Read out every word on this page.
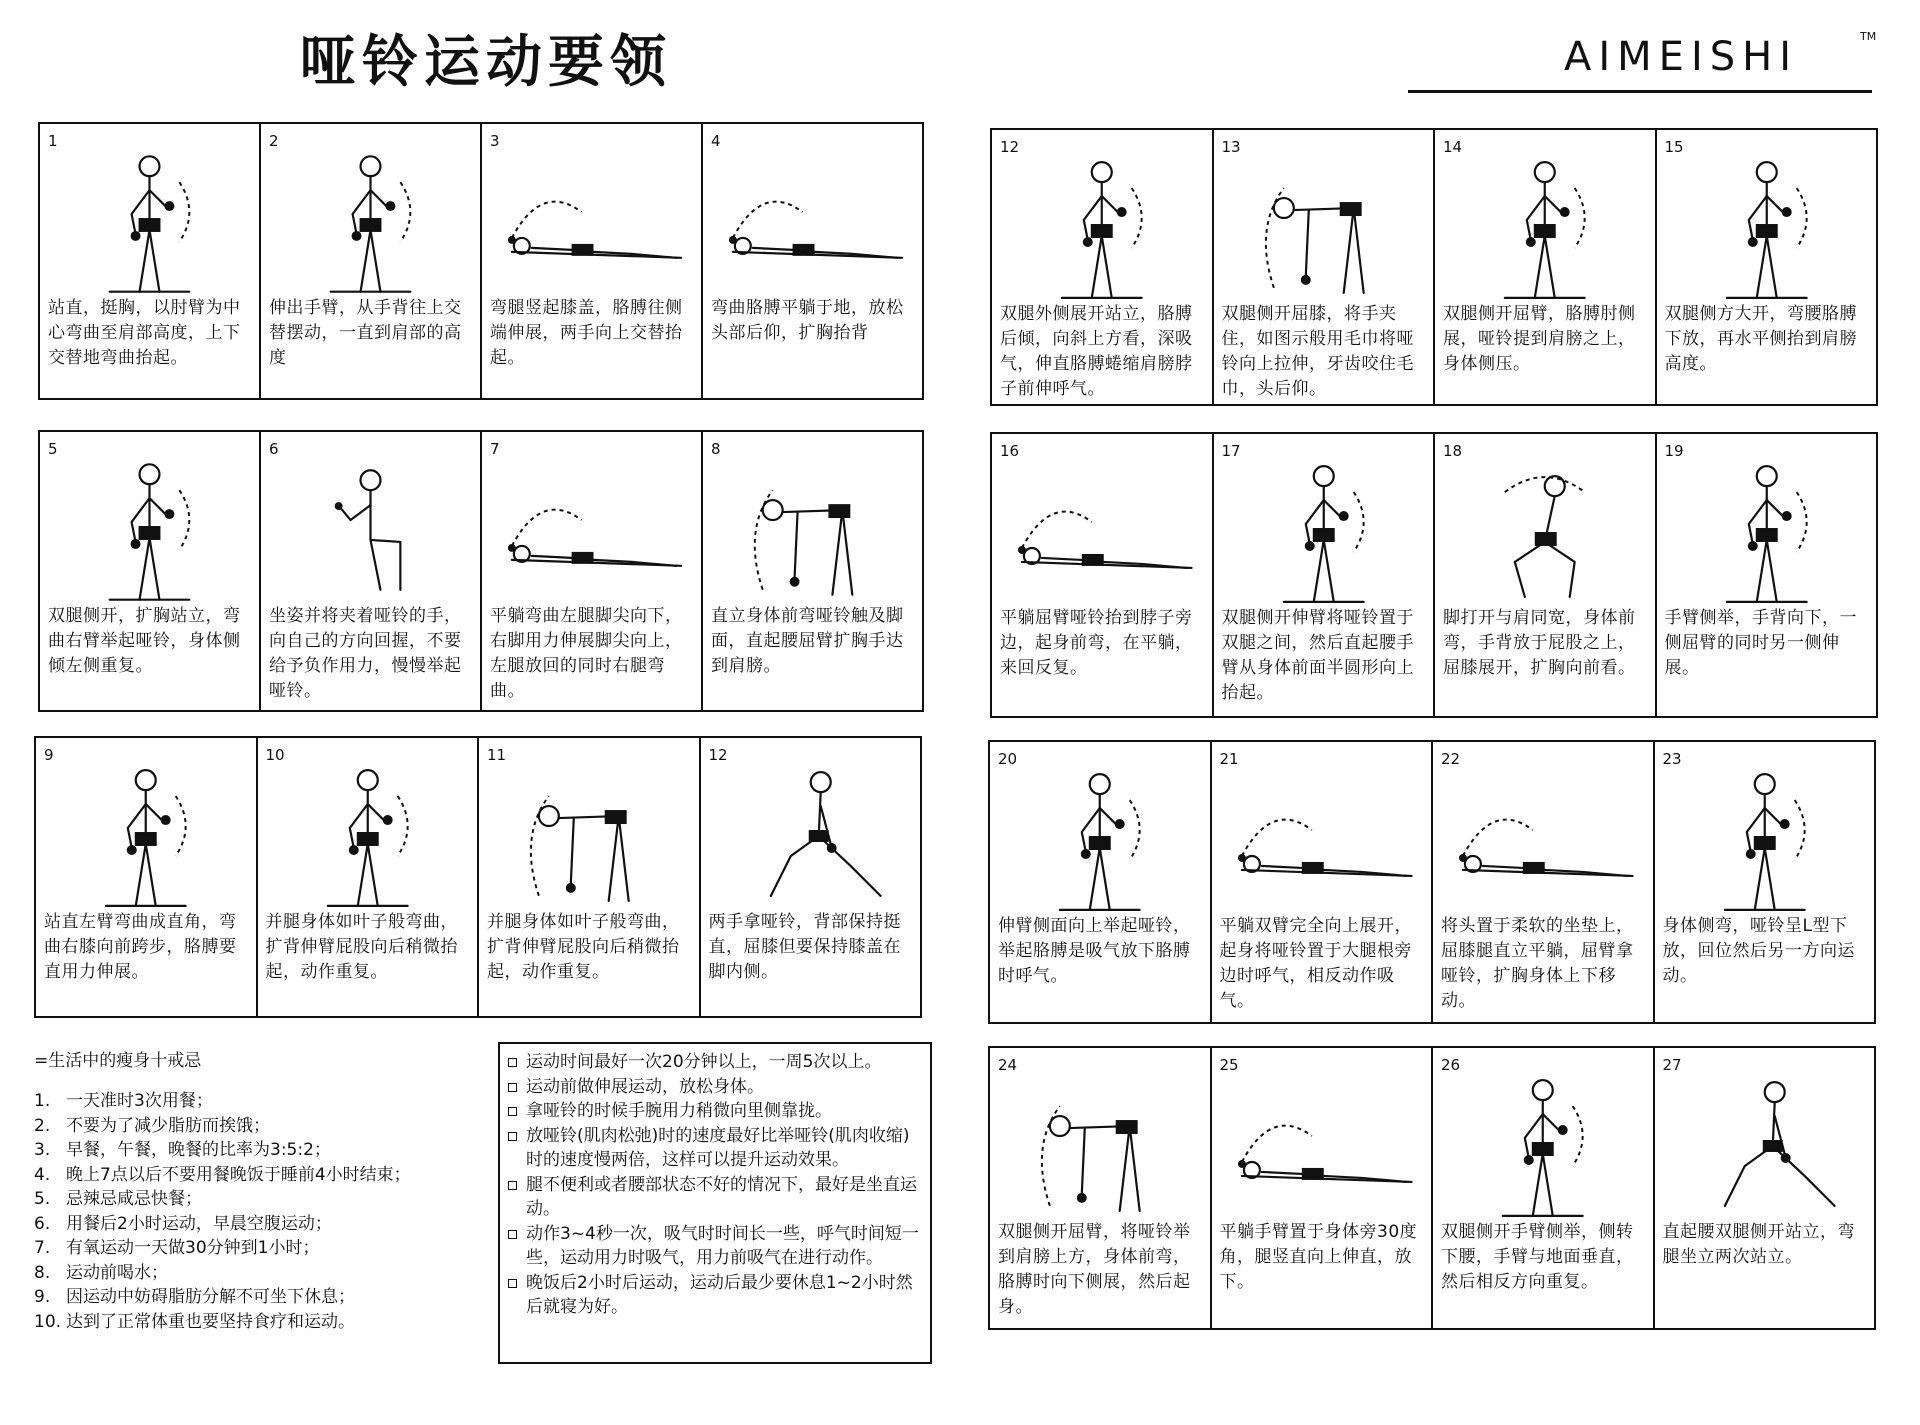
哑铃运动要领	AIMEISHI	TM
1
站直，挺胸，以肘臂为中心弯曲至肩部高度，上下交替地弯曲抬起。
2
伸出手臂，从手背往上交替摆动，一直到肩部的高度
3
弯腿竖起膝盖，胳膊往侧端伸展，两手向上交替抬起。
4
弯曲胳膊平躺于地，放松头部后仰，扩胸抬背
5
双腿侧开，扩胸站立，弯曲右臂举起哑铃，身体侧倾左侧重复。
6
坐姿并将夹着哑铃的手，向自己的方向回握，不要给予负作用力，慢慢举起哑铃。
7
平躺弯曲左腿脚尖向下，右脚用力伸展脚尖向上，左腿放回的同时右腿弯曲。
8
直立身体前弯哑铃触及脚面，直起腰屈臂扩胸手达到肩膀。
9
站直左臂弯曲成直角，弯曲右膝向前跨步，胳膊要直用力伸展。
10
并腿身体如叶子般弯曲，扩背伸臂屁股向后稍微抬起，动作重复。
11
并腿身体如叶子般弯曲，扩背伸臂屁股向后稍微抬起，动作重复。
12
两手拿哑铃，背部保持挺直，屈膝但要保持膝盖在脚内侧。
12
双腿外侧展开站立，胳膊后倾，向斜上方看，深吸气，伸直胳膊蜷缩肩膀脖子前伸呼气。
13
双腿侧开屈膝，将手夹住，如图示般用毛巾将哑铃向上拉伸，牙齿咬住毛巾，头后仰。
14
双腿侧开屈臂，胳膊肘侧展，哑铃提到肩膀之上，身体侧压。
15
双腿侧方大开，弯腰胳膊下放，再水平侧抬到肩膀高度。
16
平躺屈臂哑铃抬到脖子旁边，起身前弯，在平躺，来回反复。
17
双腿侧开伸臂将哑铃置于双腿之间，然后直起腰手臂从身体前面半圆形向上抬起。
18
脚打开与肩同宽，身体前弯，手背放于屁股之上，屈膝展开，扩胸向前看。
19
手臂侧举，手背向下，一侧屈臂的同时另一侧伸展。
20
伸臂侧面向上举起哑铃，举起胳膊是吸气放下胳膊时呼气。
21
平躺双臂完全向上展开，起身将哑铃置于大腿根旁边时呼气，相反动作吸气。
22
将头置于柔软的坐垫上，屈膝腿直立平躺，屈臂拿哑铃，扩胸身体上下移动。
23
身体侧弯，哑铃呈L型下放，回位然后另一方向运动。
24
双腿侧开屈臂，将哑铃举到肩膀上方，身体前弯，胳膊时向下侧展，然后起身。
25
平躺手臂置于身体旁30度角，腿竖直向上伸直，放下。
26
双腿侧开手臂侧举，侧转下腰，手臂与地面垂直，然后相反方向重复。
27
直起腰双腿侧开站立，弯腿坐立两次站立。

=生活中的瘦身十戒忌

1. 一天准时3次用餐；
2. 不要为了减少脂肪而挨饿；
3. 早餐，午餐，晚餐的比率为3:5:2；
4. 晚上7点以后不要用餐晚饭于睡前4小时结束；
5. 忌辣忌咸忌快餐；
6. 用餐后2小时运动，早晨空腹运动；
7. 有氧运动一天做30分钟到1小时；
8. 运动前喝水；
9. 因运动中妨碍脂肪分解不可坐下休息；
10. 达到了正常体重也要坚持食疗和运动。
运动时间最好一次20分钟以上，一周5次以上。
运动前做伸展运动，放松身体。
拿哑铃的时候手腕用力稍微向里侧靠拢。
放哑铃(肌肉松弛)时的速度最好比举哑铃(肌肉收缩)时的速度慢两倍，这样可以提升运动效果。
腿不便利或者腰部状态不好的情况下，最好是坐直运动。
动作3~4秒一次，吸气时时间长一些，呼气时间短一些，运动用力时吸气，用力前吸气在进行动作。
晚饭后2小时后运动，运动后最少要休息1~2小时然后就寝为好。
